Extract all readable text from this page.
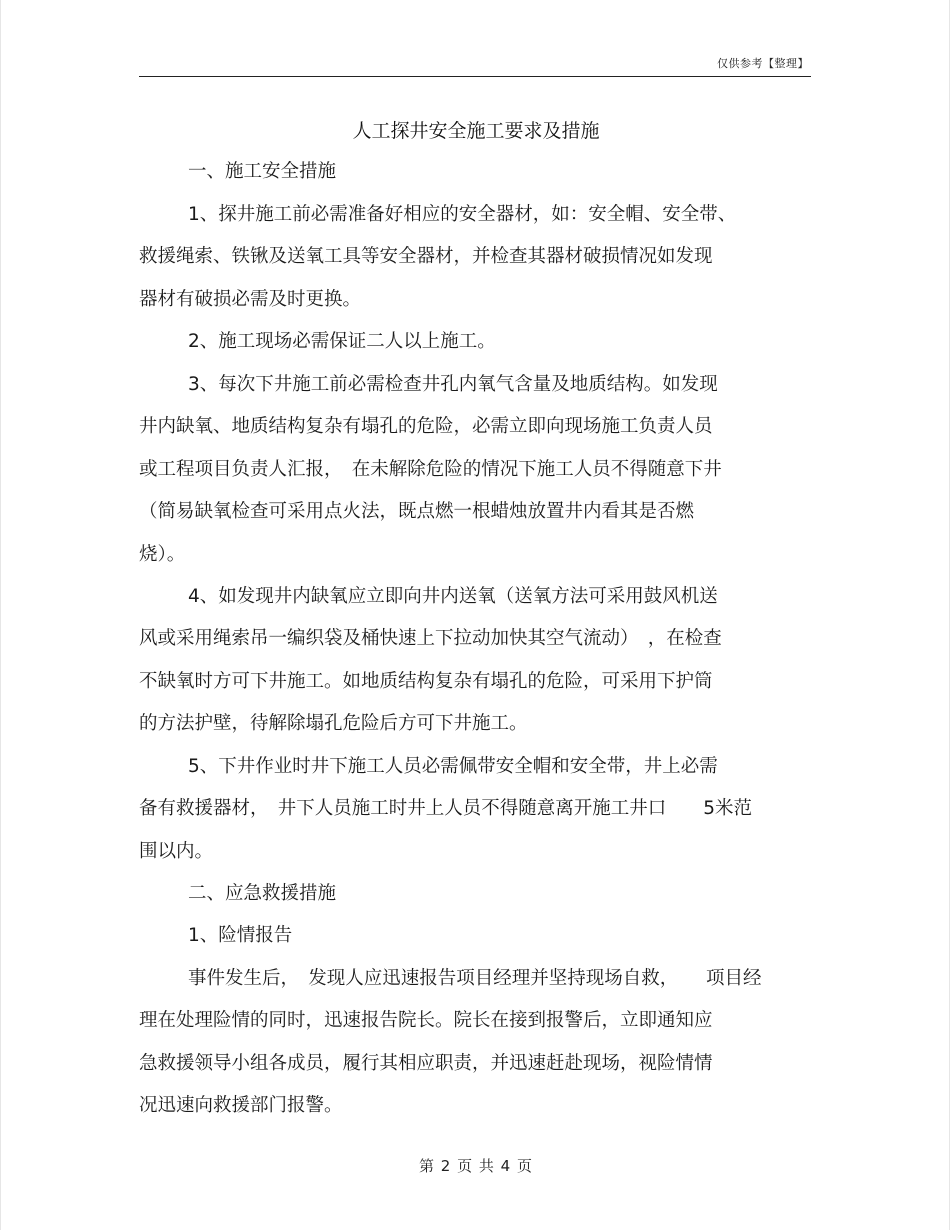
仅供参考【整理】
人工探井安全施工要求及措施
一、施工安全措施
1、探井施工前必需准备好相应的安全器材，如：安全帽、安全带、
救援绳索、铁锹及送氧工具等安全器材，并检查其器材破损情况如发现
器材有破损必需及时更换。
2、施工现场必需保证二人以上施工。
3、每次下井施工前必需检查井孔内氧气含量及地质结构。如发现
井内缺氧、地质结构复杂有塌孔的危险，必需立即向现场施工负责人员
或工程项目负责人汇报，　在未解除危险的情况下施工人员不得随意下井
（简易缺氧检查可采用点火法，既点燃一根蜡烛放置井内看其是否燃
烧）。
4、如发现井内缺氧应立即向井内送氧（送氧方法可采用鼓风机送
风或采用绳索吊一编织袋及桶快速上下拉动加快其空气流动）　，在检查
不缺氧时方可下井施工。如地质结构复杂有塌孔的危险，可采用下护筒
的方法护壁，待解除塌孔危险后方可下井施工。
5、下井作业时井下施工人员必需佩带安全帽和安全带，井上必需
备有救援器材，　井下人员施工时井上人员不得随意离开施工井口　　5米范
围以内。
二、应急救援措施
1、险情报告
事件发生后，　发现人应迅速报告项目经理并坚持现场自救，　　项目经
理在处理险情的同时，迅速报告院长。院长在接到报警后，立即通知应
急救援领导小组各成员，履行其相应职责，并迅速赶赴现场，视险情情
况迅速向救援部门报警。
第 2 页 共 4 页
